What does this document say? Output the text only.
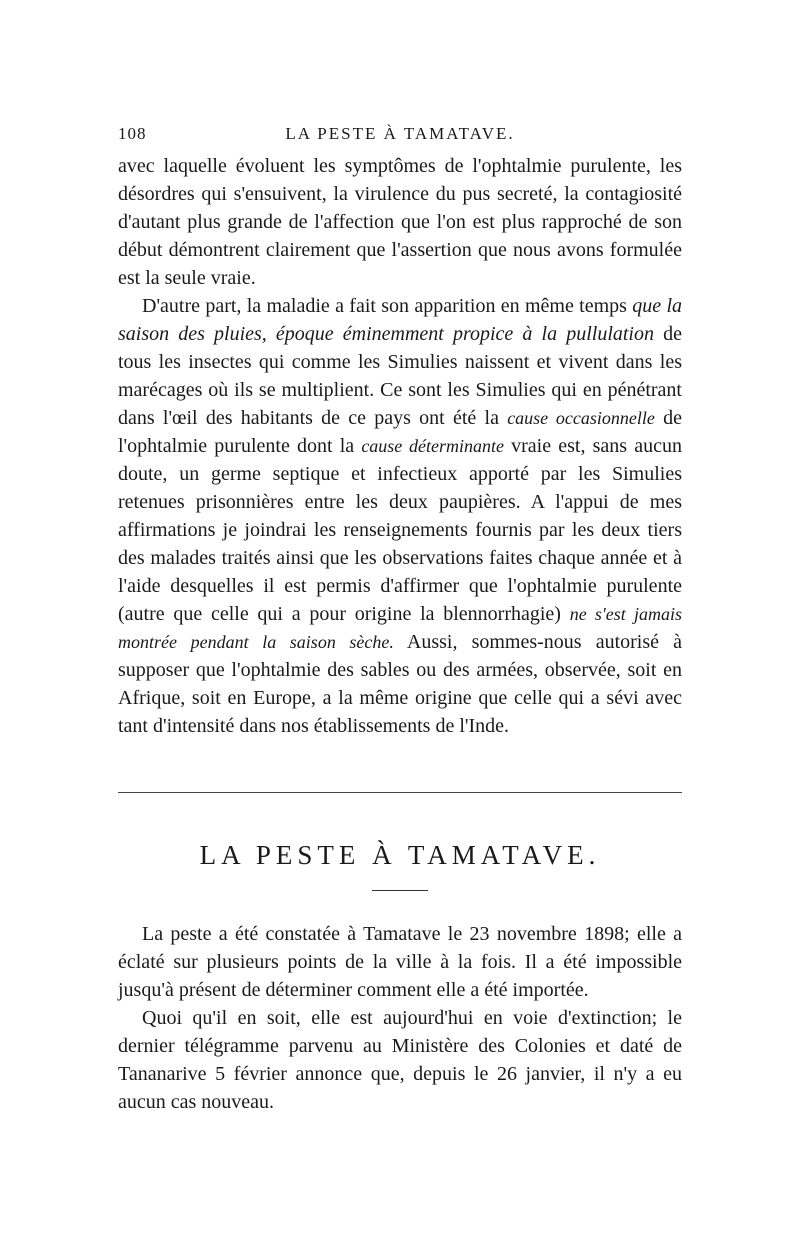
108	LA PESTE À TAMATAVE.

avec laquelle évoluent les symptômes de l'ophtalmie purulente, les désordres qui s'ensuivent, la virulence du pus secreté, la contagiosité d'autant plus grande de l'affection que l'on est plus rapproché de son début démontrent clairement que l'assertion que nous avons formulée est la seule vraie.

D'autre part, la maladie a fait son apparition en même temps que la saison des pluies, époque éminemment propice à la pullulation de tous les insectes qui comme les Simulies naissent et vivent dans les marécages où ils se multiplient. Ce sont les Simulies qui en pénétrant dans l'œil des habitants de ce pays ont été la cause occasionnelle de l'ophtalmie purulente dont la cause déterminante vraie est, sans aucun doute, un germe septique et infectieux apporté par les Simulies retenues prisonnières entre les deux paupières. A l'appui de mes affirmations je joindrai les renseignements fournis par les deux tiers des malades traités ainsi que les observations faites chaque année et à l'aide desquelles il est permis d'affirmer que l'ophtalmie purulente (autre que celle qui a pour origine la blennorrhagie) ne s'est jamais montrée pendant la saison sèche. Aussi, sommes-nous autorisé à supposer que l'ophtalmie des sables ou des armées, observée, soit en Afrique, soit en Europe, a la même origine que celle qui a sévi avec tant d'intensité dans nos établissements de l'Inde.

LA PESTE À TAMATAVE.

La peste a été constatée à Tamatave le 23 novembre 1898; elle a éclaté sur plusieurs points de la ville à la fois. Il a été impossible jusqu'à présent de déterminer comment elle a été importée.

Quoi qu'il en soit, elle est aujourd'hui en voie d'extinction; le dernier télégramme parvenu au Ministère des Colonies et daté de Tananarive 5 février annonce que, depuis le 26 janvier, il n'y a eu aucun cas nouveau.
